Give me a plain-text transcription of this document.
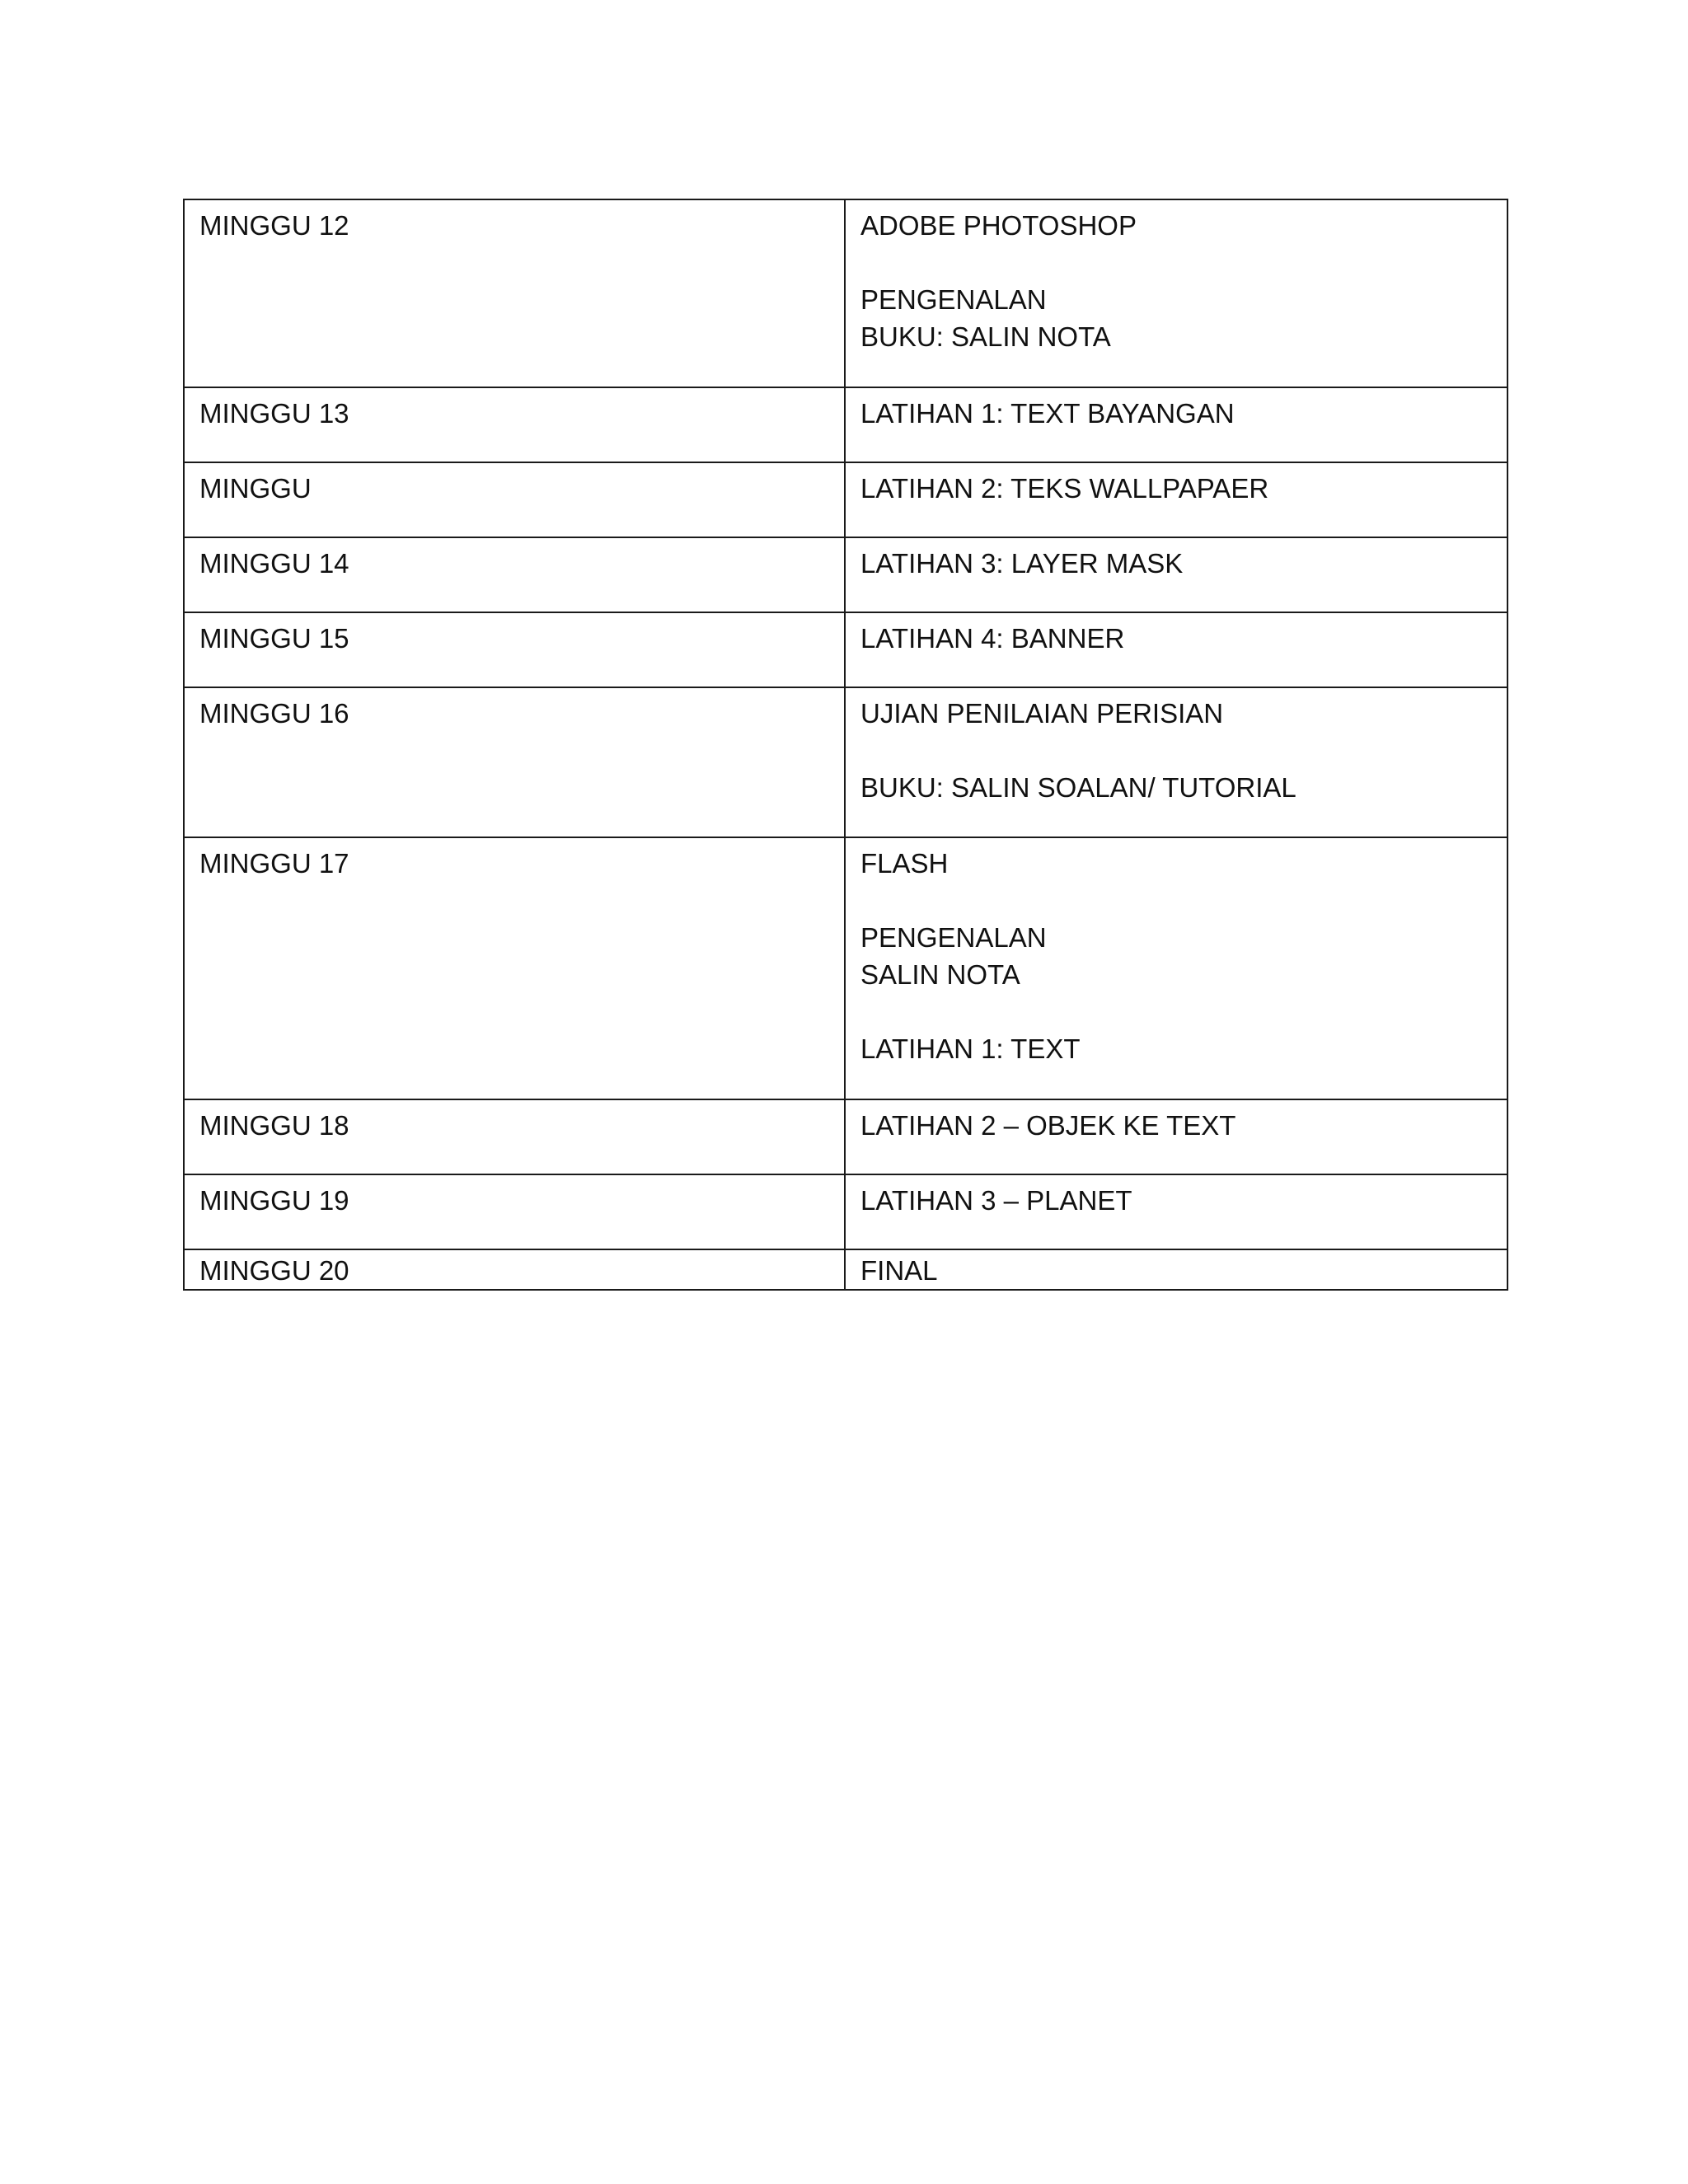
MINGGU 12	ADOBE PHOTOSHOP
PENGENALAN
BUKU: SALIN NOTA

MINGGU 13	LATIHAN 1: TEXT BAYANGAN

MINGGU	LATIHAN 2: TEKS WALLPAPAER

MINGGU 14	LATIHAN 3: LAYER MASK

MINGGU 15	LATIHAN 4: BANNER

MINGGU 16	UJIAN PENILAIAN PERISIAN
BUKU: SALIN SOALAN/ TUTORIAL

MINGGU 17	FLASH
PENGENALAN
SALIN NOTA
LATIHAN 1: TEXT

MINGGU 18	LATIHAN 2 – OBJEK KE TEXT

MINGGU 19	LATIHAN 3 – PLANET

MINGGU 20	FINAL
